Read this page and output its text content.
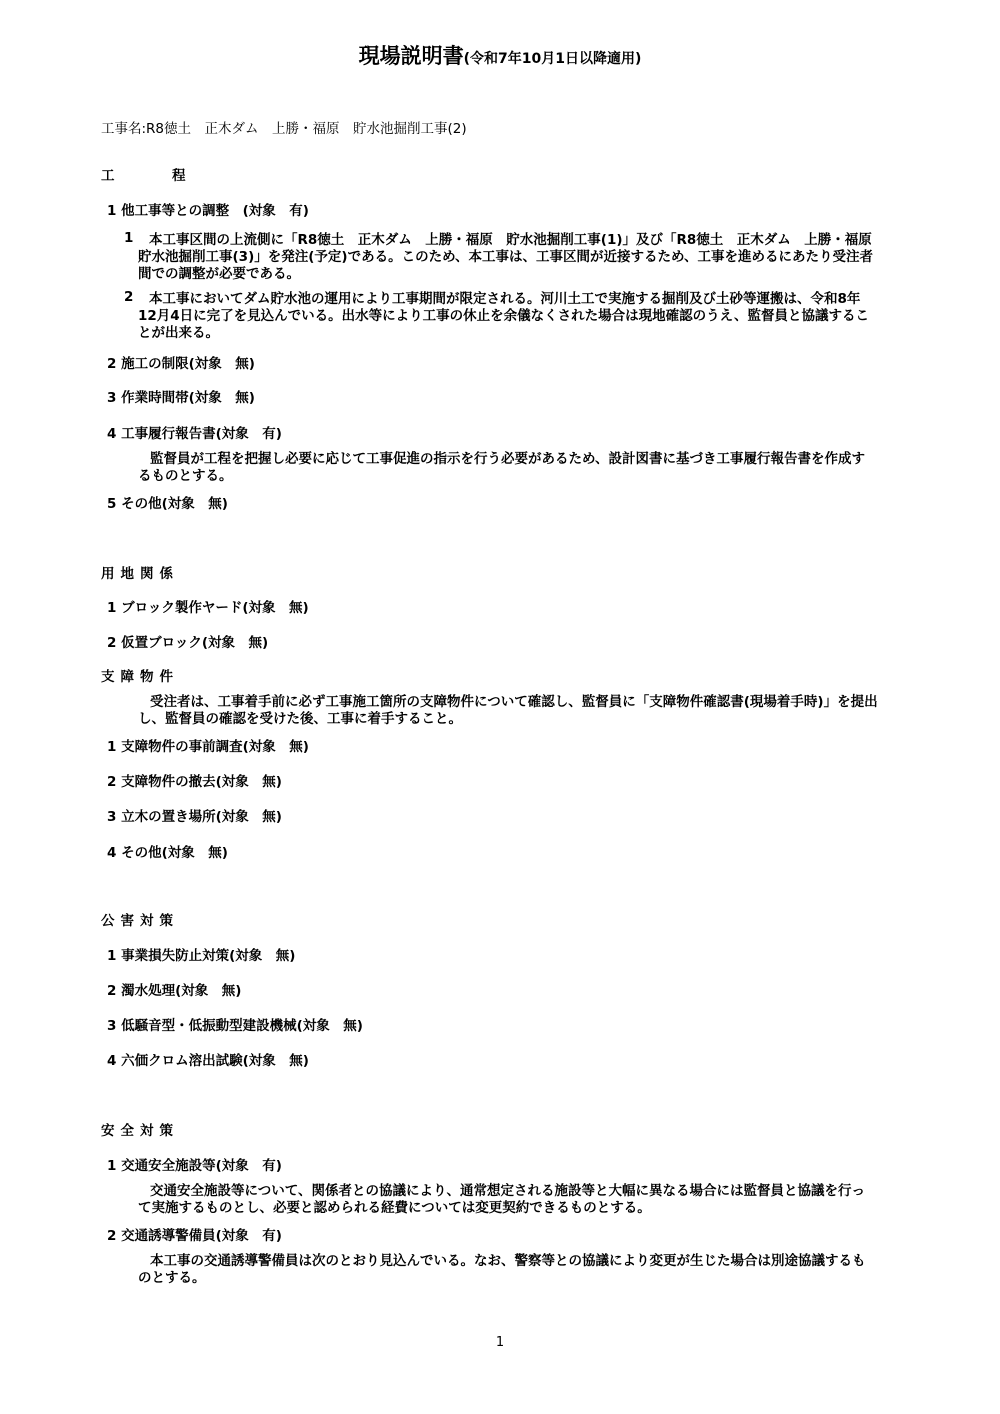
現場説明書(令和7年10月1日以降適用)
工事名:R8徳土　正木ダム　上勝・福原　貯水池掘削工事(2)
工　程
1 他工事等との調整　(対象　有)
1	本工事区間の上流側に「R8徳土　正木ダム　上勝・福原　貯水池掘削工事(1)」及び「R8徳土　正木ダム　上勝・福原　貯水池掘削工事(3)」を発注(予定)である。このため、本工事は、工事区間が近接するため、工事を進めるにあたり受注者間での調整が必要である。
2	本工事においてダム貯水池の運用により工事期間が限定される。河川土工で実施する掘削及び土砂等運搬は、令和8年12月4日に完了を見込んでいる。出水等により工事の休止を余儀なくされた場合は現地確認のうえ、監督員と協議することが出来る。
2 施工の制限(対象　無)
3 作業時間帯(対象　無)
4 工事履行報告書(対象　有)
監督員が工程を把握し必要に応じて工事促進の指示を行う必要があるため、設計図書に基づき工事履行報告書を作成するものとする。
5 その他(対象　無)
用地関係
1 ブロック製作ヤード(対象　無)
2 仮置ブロック(対象　無)
支障物件
受注者は、工事着手前に必ず工事施工箇所の支障物件について確認し、監督員に「支障物件確認書(現場着手時)」を提出し、監督員の確認を受けた後、工事に着手すること。
1 支障物件の事前調査(対象　無)
2 支障物件の撤去(対象　無)
3 立木の置き場所(対象　無)
4 その他(対象　無)
公害対策
1 事業損失防止対策(対象　無)
2 濁水処理(対象　無)
3 低騒音型・低振動型建設機械(対象　無)
4 六価クロム溶出試験(対象　無)
安全対策
1 交通安全施設等(対象　有)
交通安全施設等について、関係者との協議により、通常想定される施設等と大幅に異なる場合には監督員と協議を行って実施するものとし、必要と認められる経費については変更契約できるものとする。
2 交通誘導警備員(対象　有)
本工事の交通誘導警備員は次のとおり見込んでいる。なお、警察等との協議により変更が生じた場合は別途協議するものとする。
1
